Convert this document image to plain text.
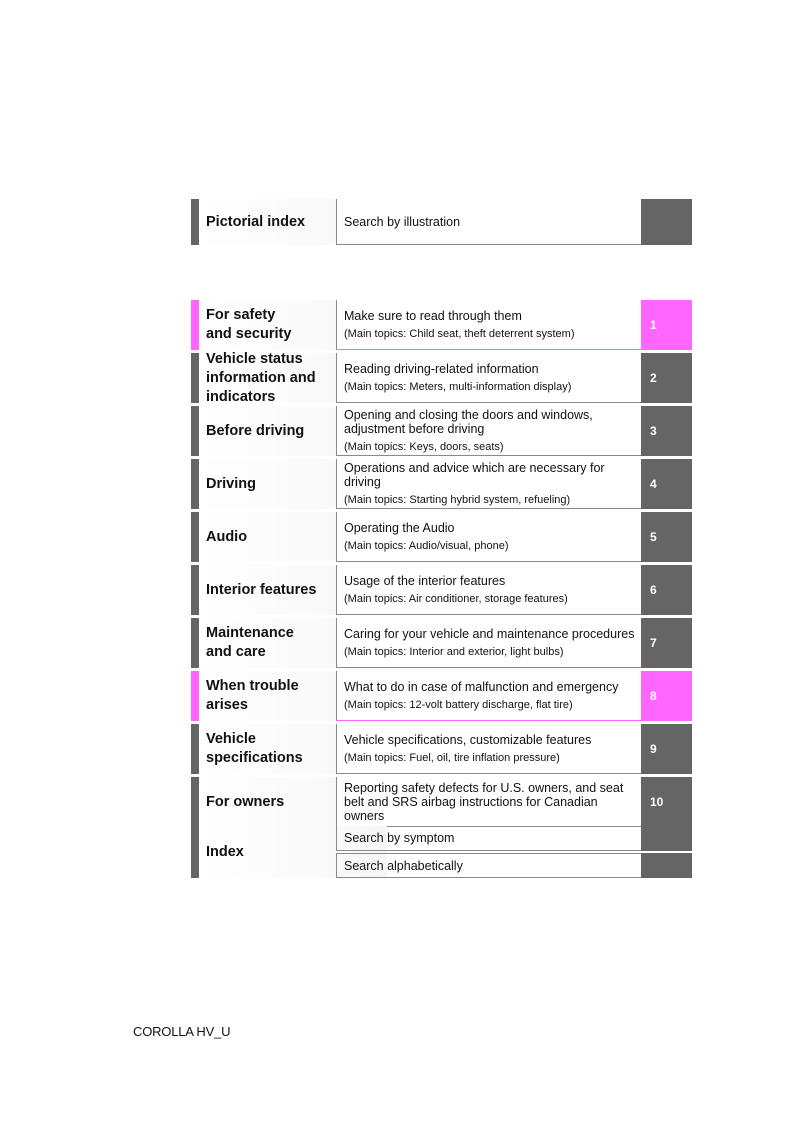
Pictorial index	Search by illustration
For safety
and security
Make sure to read through them
(Main topics: Child seat, theft deterrent system)
1
Vehicle status
information and
indicators
Reading driving-related information
(Main topics: Meters, multi-information display)
2
Before driving
Opening and closing the doors and windows, adjustment before driving
(Main topics: Keys, doors, seats)
3
Driving
Operations and advice which are necessary for driving
(Main topics: Starting hybrid system, refueling)
4
Audio
Operating the Audio
(Main topics: Audio/visual, phone)
5
Interior features
Usage of the interior features
(Main topics: Air conditioner, storage features)
6
Maintenance
and care
Caring for your vehicle and maintenance procedures
(Main topics: Interior and exterior, light bulbs)
7
When trouble
arises
What to do in case of malfunction and emergency
(Main topics: 12-volt battery discharge, flat tire)
8
Vehicle
specifications
Vehicle specifications, customizable features
(Main topics: Fuel, oil, tire inflation pressure)
9
For owners
Reporting safety defects for U.S. owners, and seat belt and SRS airbag instructions for Canadian owners
10
Index
Search by symptom
Search alphabetically
COROLLA HV_U
